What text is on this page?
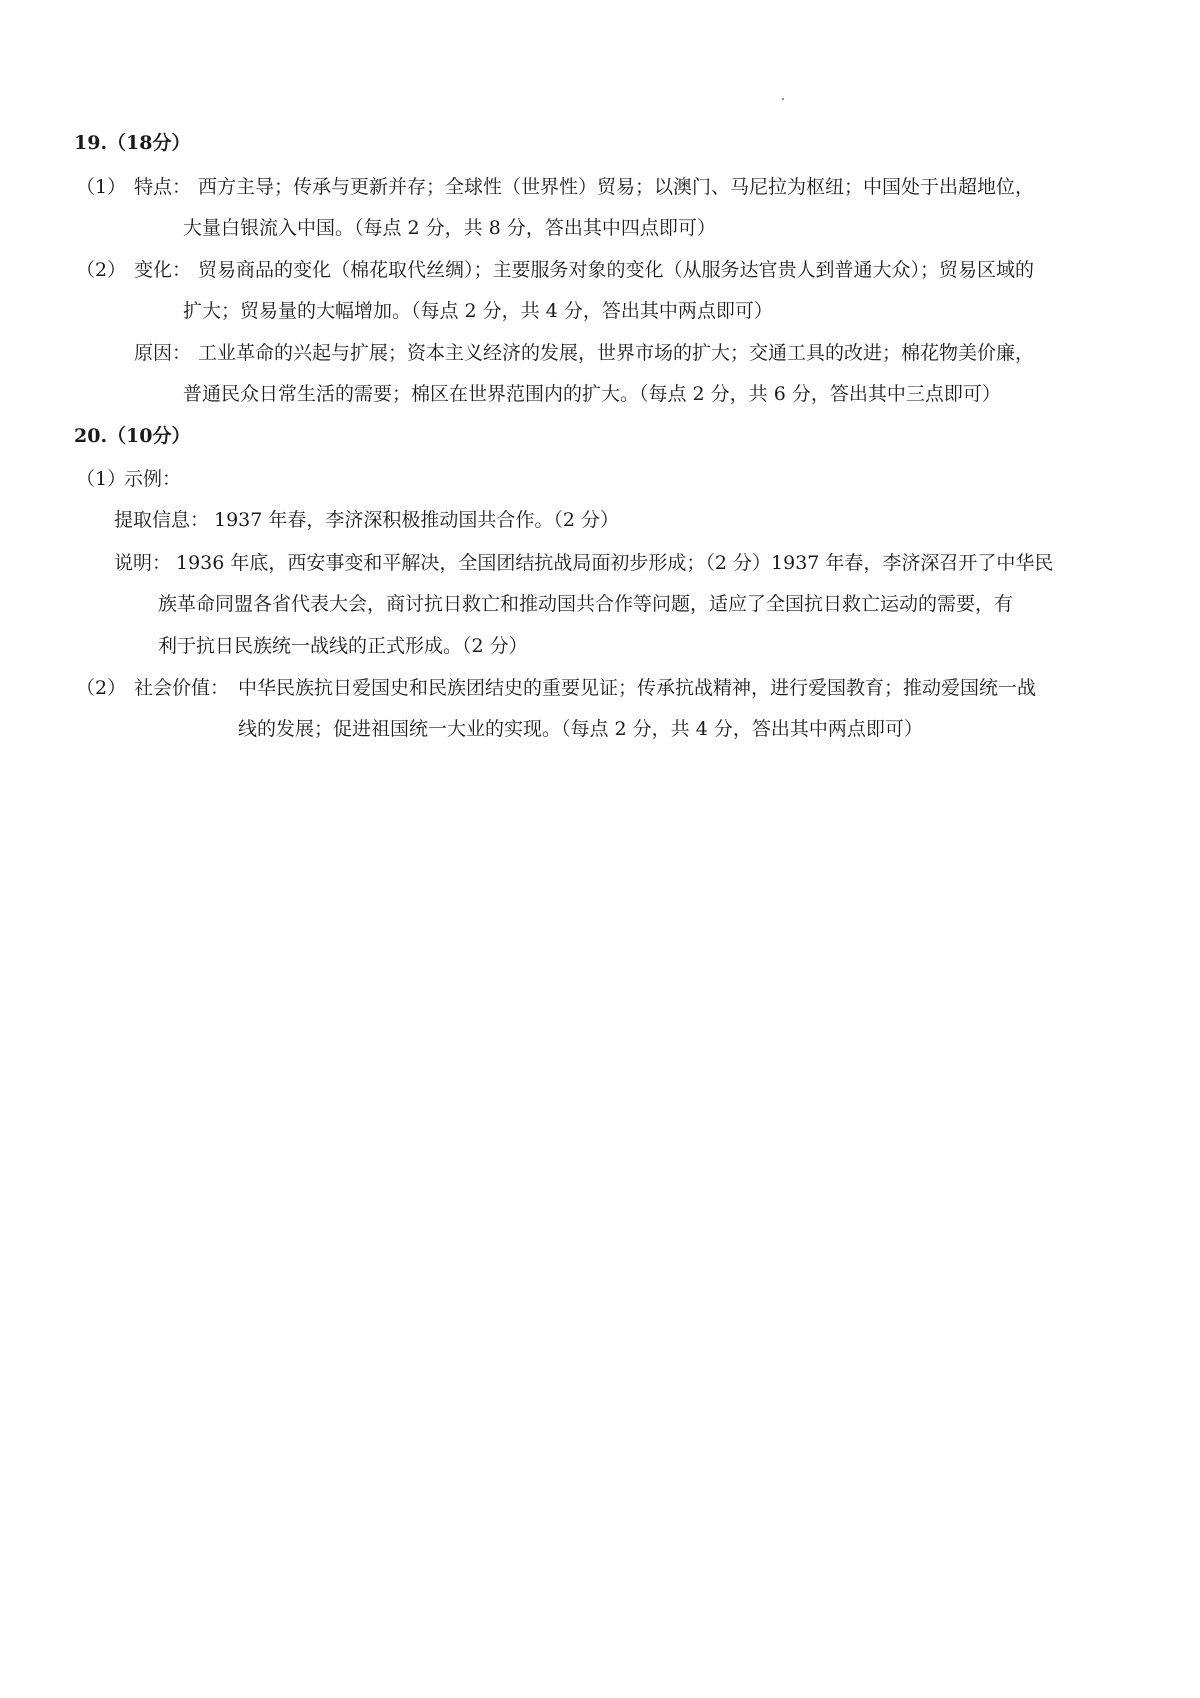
19.（18分）
（1） 特点： 西方主导；传承与更新并存；全球性（世界性）贸易；以澳门、马尼拉为枢纽；中国处于出超地位，
大量白银流入中国。（每点 2 分，共 8 分，答出其中四点即可）
（2） 变化： 贸易商品的变化（棉花取代丝绸）；主要服务对象的变化（从服务达官贵人到普通大众）；贸易区域的
扩大；贸易量的大幅增加。（每点 2 分，共 4 分，答出其中两点即可）
原因： 工业革命的兴起与扩展；资本主义经济的发展，世界市场的扩大；交通工具的改进；棉花物美价廉，
普通民众日常生活的需要；棉区在世界范围内的扩大。（每点 2 分，共 6 分，答出其中三点即可）
20.（10分）
（1）
示例：
提取信息： 1937 年春，李济深积极推动国共合作。（2 分）
说明： 1936 年底，西安事变和平解决，全国团结抗战局面初步形成；（2 分）1937 年春，李济深召开了中华民
族革命同盟各省代表大会，商讨抗日救亡和推动国共合作等问题，适应了全国抗日救亡运动的需要，有
利于抗日民族统一战线的正式形成。（2 分）
（2） 社会价值： 中华民族抗日爱国史和民族团结史的重要见证；传承抗战精神，进行爱国教育；推动爱国统一战
线的发展；促进祖国统一大业的实现。（每点 2 分，共 4 分，答出其中两点即可）
